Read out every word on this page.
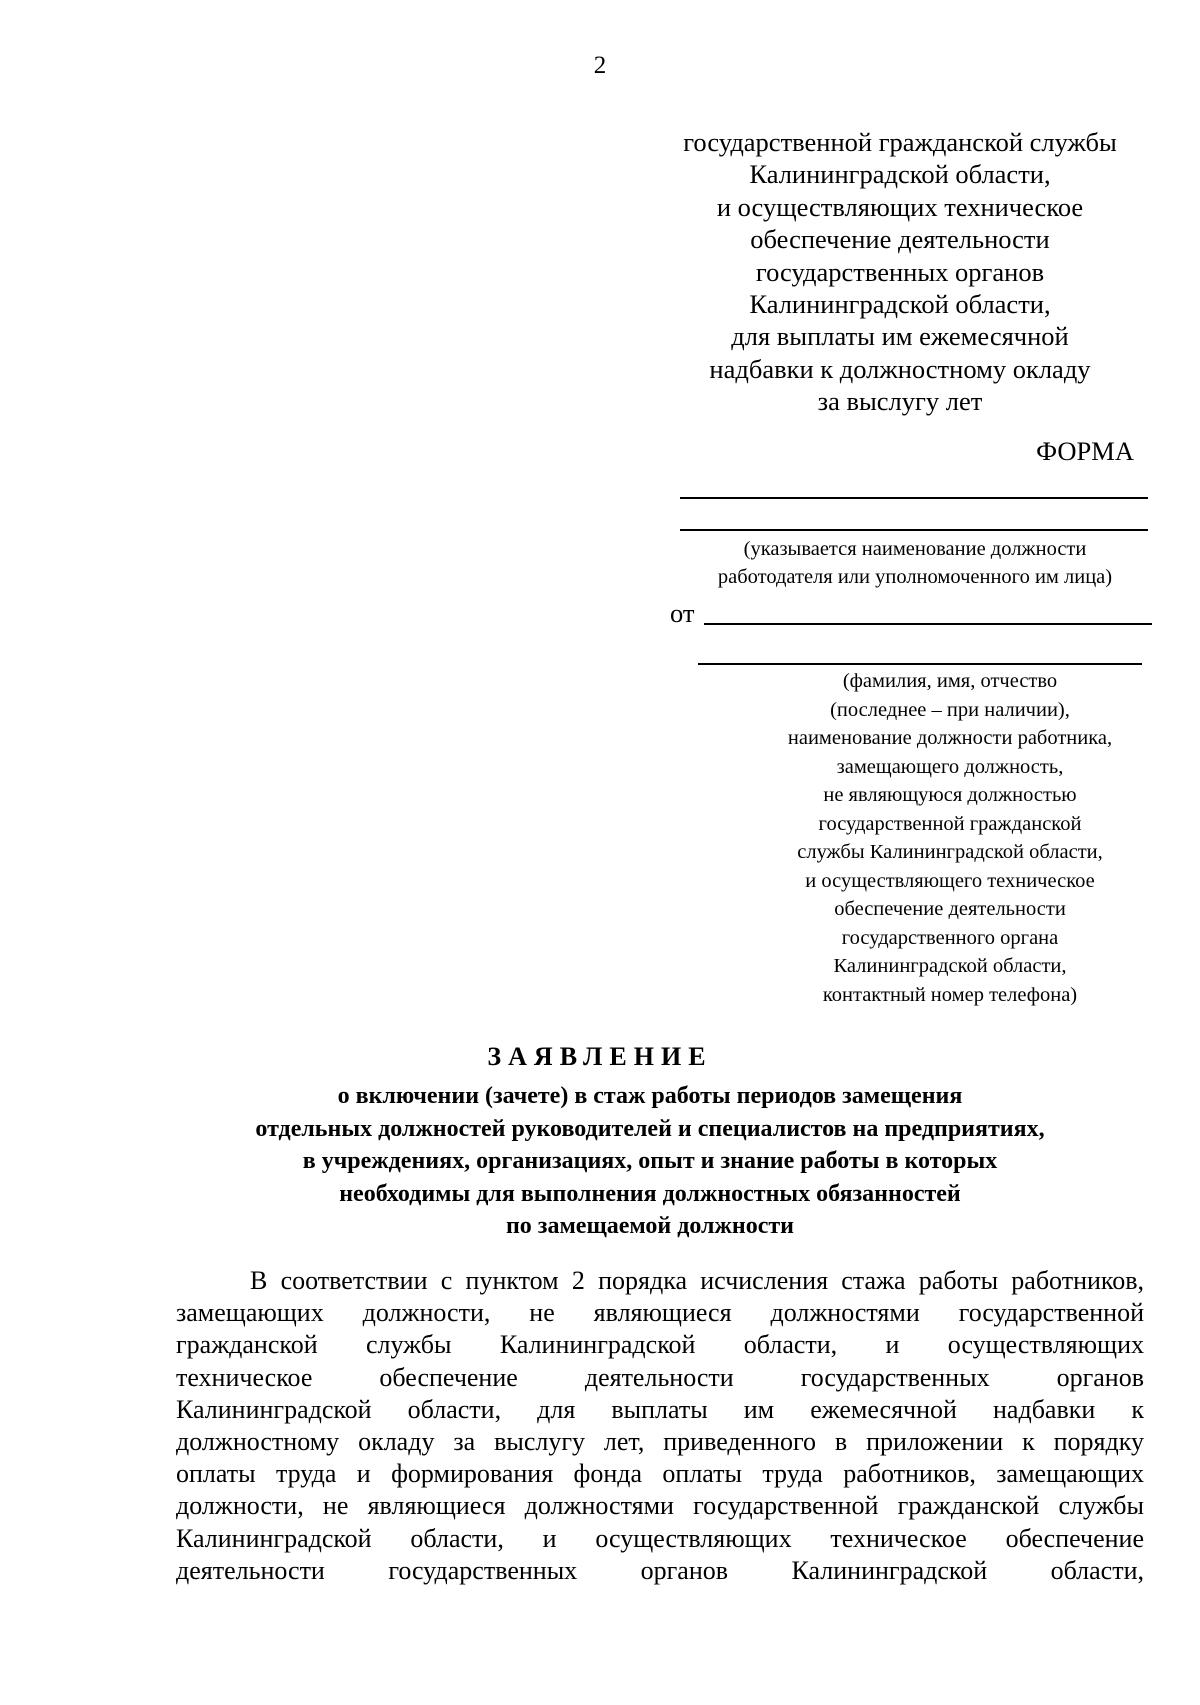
2
государственной гражданской службы
Калининградской области,
и осуществляющих техническое
обеспечение деятельности
государственных органов
Калининградской области,
для выплаты им ежемесячной
надбавки к должностному окладу
за выслугу лет
ФОРМА
(указывается наименование должности
работодателя или уполномоченного им лица)
от
(фамилия, имя, отчество
(последнее – при наличии),
наименование должности работника,
замещающего должность,
не являющуюся должностью
государственной гражданской
службы Калининградской области,
и осуществляющего техническое
обеспечение деятельности
государственного органа
Калининградской области,
контактный номер телефона)
ЗАЯВЛЕНИЕ
о включении (зачете) в стаж работы периодов замещения
отдельных должностей руководителей и специалистов на предприятиях,
в учреждениях, организациях, опыт и знание работы в которых
необходимы для выполнения должностных обязанностей
по замещаемой должности
В соответствии с пунктом 2 порядка исчисления стажа работы работников,
замещающих должности, не являющиеся должностями государственной
гражданской службы Калининградской области, и осуществляющих
техническое обеспечение деятельности государственных органов
Калининградской области, для выплаты им ежемесячной надбавки к
должностному окладу за выслугу лет, приведенного в приложении к порядку
оплаты труда и формирования фонда оплаты труда работников, замещающих
должности, не являющиеся должностями государственной гражданской службы
Калининградской области, и осуществляющих техническое обеспечение
деятельности государственных органов Калининградской области,
